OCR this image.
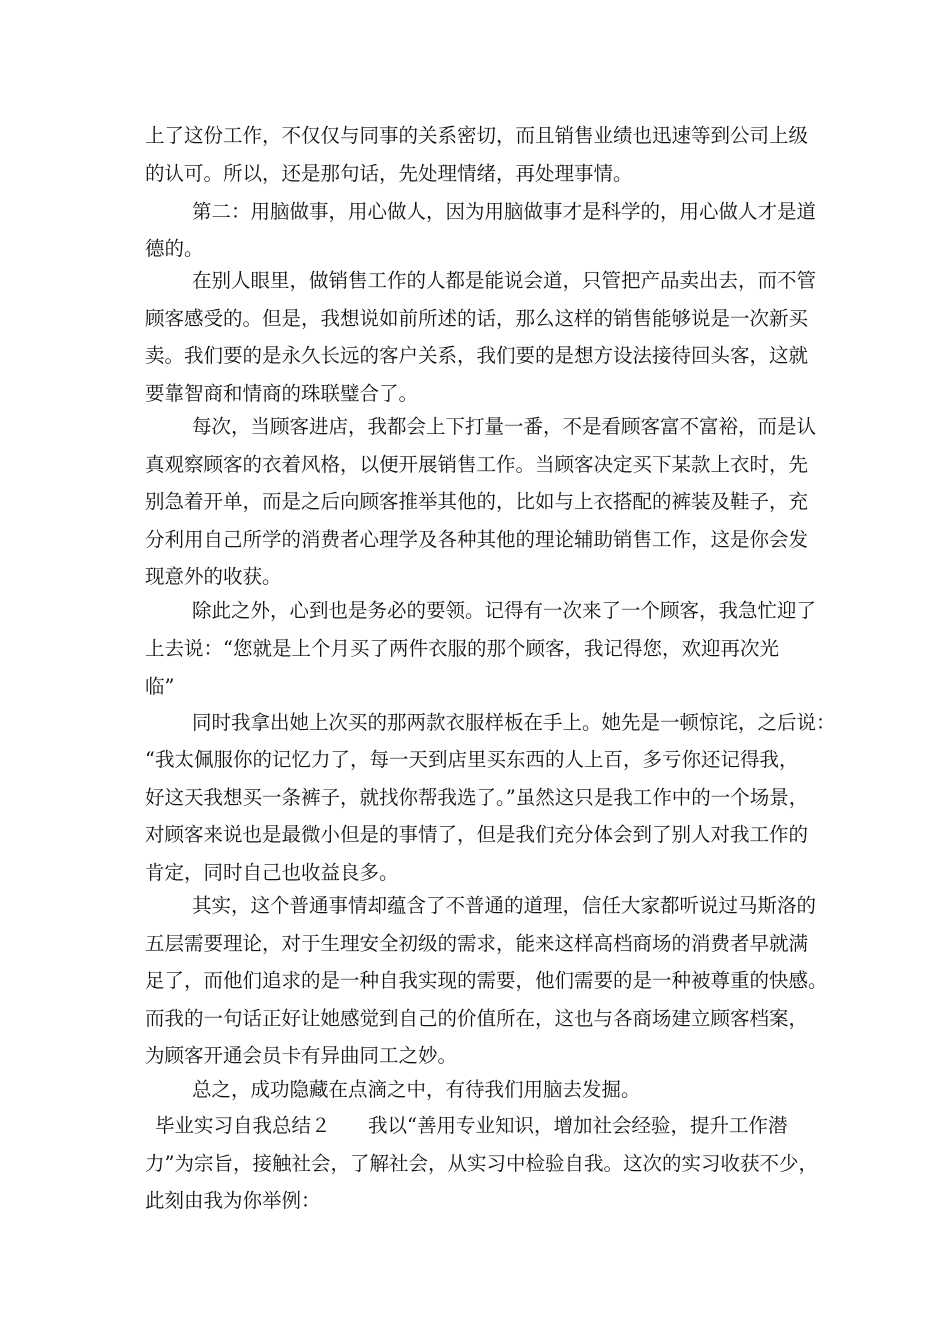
上了这份工作，不仅仅与同事的关系密切，而且销售业绩也迅速等到公司上级

的认可。所以，还是那句话，先处理情绪，再处理事情。

第二：用脑做事，用心做人，因为用脑做事才是科学的，用心做人才是道

德的。

在别人眼里，做销售工作的人都是能说会道，只管把产品卖出去，而不管

顾客感受的。但是，我想说如前所述的话，那么这样的销售能够说是一次新买

卖。我们要的是永久长远的客户关系，我们要的是想方设法接待回头客，这就

要靠智商和情商的珠联璧合了。

每次，当顾客进店，我都会上下打量一番，不是看顾客富不富裕，而是认

真观察顾客的衣着风格，以便开展销售工作。当顾客决定买下某款上衣时，先

别急着开单，而是之后向顾客推举其他的，比如与上衣搭配的裤装及鞋子，充

分利用自己所学的消费者心理学及各种其他的理论辅助销售工作，这是你会发

现意外的收获。

除此之外，心到也是务必的要领。记得有一次来了一个顾客，我急忙迎了

上去说：“您就是上个月买了两件衣服的那个顾客，我记得您，欢迎再次光

临”

同时我拿出她上次买的那两款衣服样板在手上。她先是一顿惊诧，之后说：

“我太佩服你的记忆力了，每一天到店里买东西的人上百，多亏你还记得我，

好这天我想买一条裤子，就找你帮我选了。”虽然这只是我工作中的一个场景，

对顾客来说也是最微小但是的事情了，但是我们充分体会到了别人对我工作的

肯定，同时自己也收益良多。

其实，这个普通事情却蕴含了不普通的道理，信任大家都听说过马斯洛的

五层需要理论，对于生理安全初级的需求，能来这样高档商场的消费者早就满

足了，而他们追求的是一种自我实现的需要，他们需要的是一种被尊重的快感。

而我的一句话正好让她感觉到自己的价值所在，这也与各商场建立顾客档案，

为顾客开通会员卡有异曲同工之妙。

总之，成功隐藏在点滴之中，有待我们用脑去发掘。

毕业实习自我总结２ 我以“善用专业知识，增加社会经验，提升工作潜

力”为宗旨，接触社会，了解社会，从实习中检验自我。这次的实习收获不少，

此刻由我为你举例：
